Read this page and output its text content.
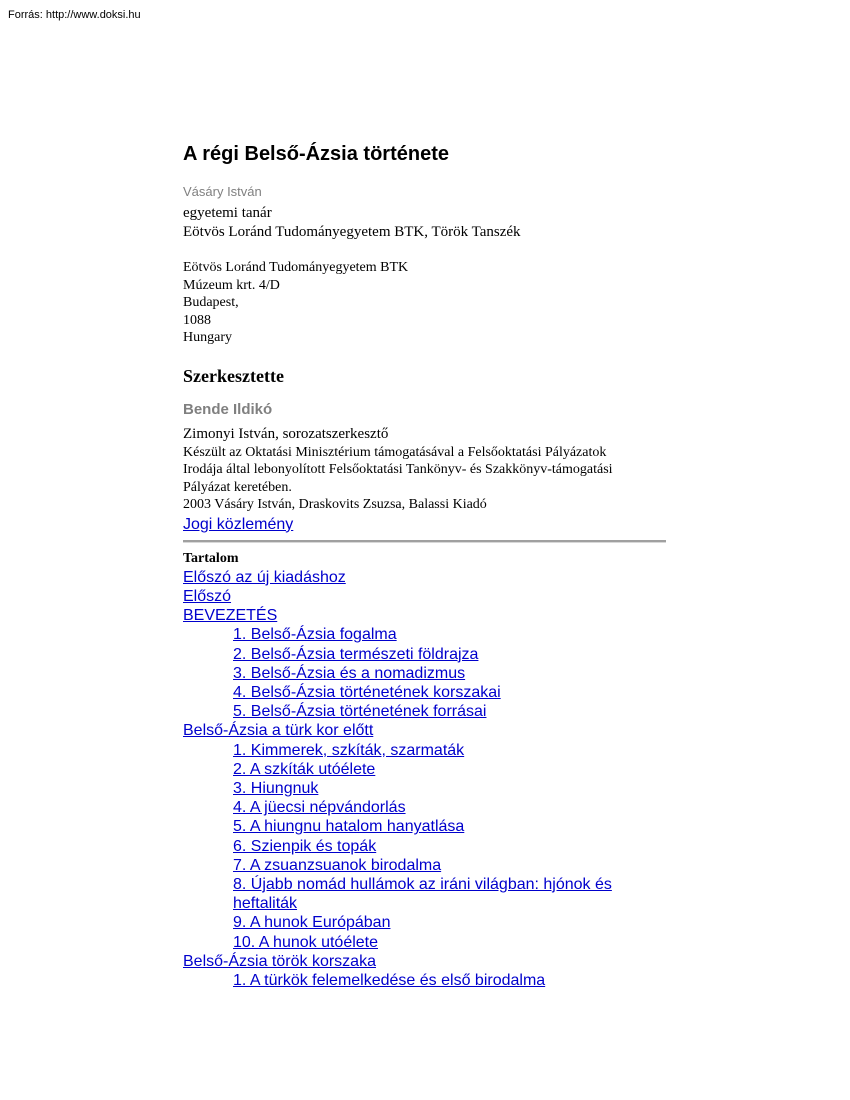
Forrás: http://www.doksi.hu
A régi Belső-Ázsia története
Vásáry István
egyetemi tanár
Eötvös Loránd Tudományegyetem BTK, Török Tanszék
Eötvös Loránd Tudományegyetem BTK
Múzeum krt. 4/D
Budapest,
1088
Hungary
Szerkesztette
Bende Ildikó
Zimonyi István, sorozatszerkesztő
Készült az Oktatási Minisztérium támogatásával a Felsőoktatási Pályázatok
Irodája által lebonyolított Felsőoktatási Tankönyv- és Szakkönyv-támogatási
Pályázat keretében.
2003 Vásáry István, Draskovits Zsuzsa, Balassi Kiadó
Jogi közlemény
Tartalom
Előszó az új kiadáshoz
Előszó
BEVEZETÉS
1. Belső-Ázsia fogalma
2. Belső-Ázsia természeti földrajza
3. Belső-Ázsia és a nomadizmus
4. Belső-Ázsia történetének korszakai
5. Belső-Ázsia történetének forrásai
Belső-Ázsia a türk kor előtt
1. Kimmerek, szkíták, szarmaták
2. A szkíták utóélete
3. Hiungnuk
4. A jüecsi népvándorlás
5. A hiungnu hatalom hanyatlása
6. Szienpik és topák
7. A zsuanzsuanok birodalma
8. Újabb nomád hullámok az iráni világban: hjónok és heftaliták
9. A hunok Európában
10. A hunok utóélete
Belső-Ázsia török korszaka
1. A türkök felemelkedése és első birodalma
